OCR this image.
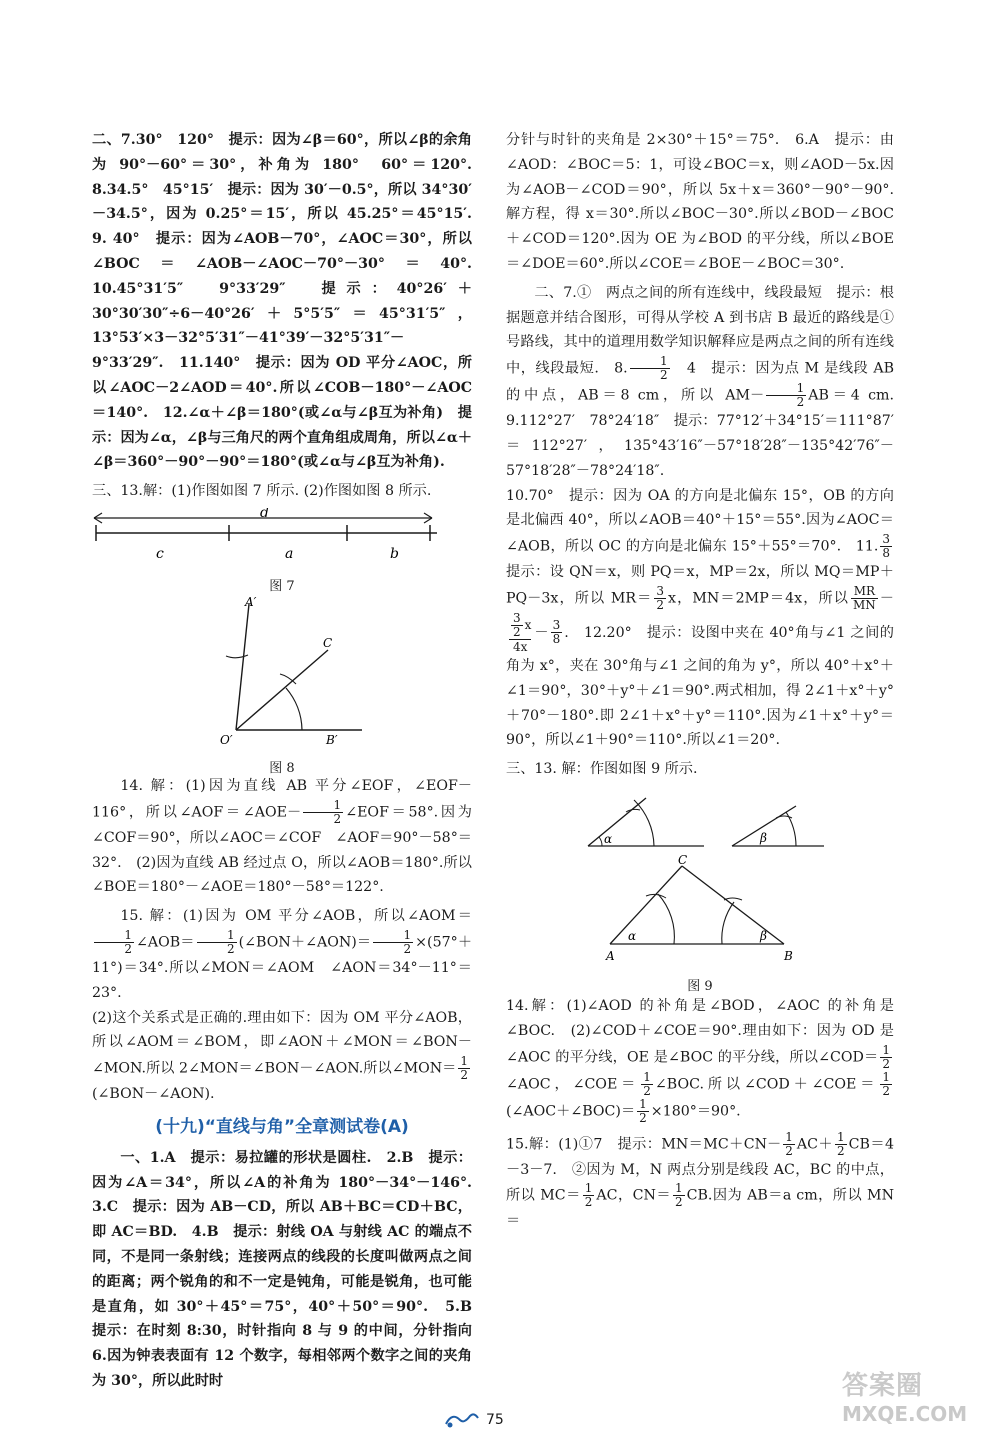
二、7.30°　120°　提示：因为∠β＝60°，所以∠β的余角为 90°－60°＝30°，补角为 180°　60°＝120°.　8.34.5°　45°15′　提示：因为 30′－0.5°，所以 34°30′－34.5°，因为 0.25°＝15′，所以 45.25°＝45°15′.　9. 40°　提示：因为∠AOB－70°，∠AOC＝30°，所以∠BOC＝∠AOB－∠AOC－70°－30°＝40°.　10.45°31′5″　9°33′29″　提示：40°26′＋30°30′30″÷6－40°26′＋5°5′5″＝45°31′5″，13°53′×3－32°5′31″－41°39′－32°5′31″－9°33′29″.　11.140°　提示：因为 OD 平分∠AOC，所以∠AOC－2∠AOD＝40°.所以∠COB－180°－∠AOC＝140°.　12.∠α＋∠β＝180°(或∠α与∠β互为补角)　提示：因为∠α，∠β与三角尺的两个直角组成周角，所以∠α＋∠β＝360°－90°－90°＝180°(或∠α与∠β互为补角).

三、13.解：(1)作图如图 7 所示. (2)作图如图 8 所示.

d
c	a	b
图 7
A′
C
O′	B′
图 8

14. 解：(1)因为直线 AB 平分∠EOF，∠EOF－116°，所以∠AOF＝∠AOE－ $\frac{1}{2}$ ∠EOF＝58°.因为∠COF＝90°，所以∠AOC＝∠COF　∠AOF＝90°－58°＝32°.　(2)因为直线 AB 经过点 O，所以∠AOB＝180°.所以∠BOE＝180°－∠AOE＝180°－58°＝122°.

15. 解：(1)因为 OM 平分∠AOB，所以∠AOM＝
$\frac{1}{2}$ ∠AOB＝ $\frac{1}{2}$ (∠BON＋∠AON)＝ $\frac{1}{2} \times(57^\circ+11^\circ)=34^\circ$.所以∠MON＝∠AOM　∠AON＝34°－11°＝23°.

(2)这个关系式是正确的.理由如下：因为 OM 平分∠AOB，所以∠AOM＝∠BOM，即∠AON＋∠MON＝∠BON－∠MON.所以 2∠MON＝∠BON－∠AON.所以∠MON＝ $\frac{1}{2}$
(∠BON－∠AON).

(十九)“直线与角”全章测试卷(A)

一、1.A　提示：易拉罐的形状是圆柱.　2.B　提示：因为∠A＝34°，所以∠A的补角为 180°－34°－146°.　3.C　提示：因为 AB－CD，所以 AB＋BC＝CD＋BC，即 AC＝BD.　4.B　提示：射线 OA 与射线 AC 的端点不同，不是同一条射线；连接两点的线段的长度叫做两点之间的距离；两个锐角的和不一定是钝角，可能是锐角，也可能是直角，如 30°＋45°＝75°，40°＋50°＝90°.　5.B　提示：在时刻 8:30，时针指向 8 与 9 的中间，分针指向 6.因为钟表表面有 12 个数字，每相邻两个数字之间的夹角为 30°，所以此时时

分针与时针的夹角是 2×30°＋15°＝75°.　6.A　提示：由∠AOD：∠BOC＝5：1，可设∠BOC＝x，则∠AOD－5x.因为∠AOB－∠COD＝90°，所以 5x＋x＝360°－90°－90°.解方程，得 x＝30°.所以∠BOC－30°.所以∠BOD－∠BOC＋∠COD＝120°.因为 OE 为∠BOD 的平分线，所以∠BOE＝∠DOE＝60°.所以∠COE＝∠BOE－∠BOC＝30°.

二、7.①　两点之间的所有连线中，线段最短　提示：根据题意并结合图形，可得从学校 A 到书店 B 最近的路线是①号路线，其中的道理用数学知识解释应是两点之间的所有连线中，线段最短.　8. $\frac{1}{2}$ 　4　提示：因为点 M 是线段 AB 的中点，AB＝8 cm，所以 $AM- \frac{1}{2} AB=4$ cm.　9.112°27′　78°24′18″　提示：77°12′＋34°15′＝111°87′＝112°27′，135°43′16″－57°18′28″－135°42′76″－57°18′28″－78°24′18″.

10.70°　提示：因为 OA 的方向是北偏东 15°，OB 的方向是北偏西 40°，所以∠AOB＝40°＋15°＝55°.因为∠AOC＝∠AOB，所以 OC 的方向是北偏东 15°＋55°＝70°.　11. $\frac{3}{8}$
提示：设 QN＝x，则 PQ＝x，MP＝2x，所以 MQ＝MP＋PQ－3x，所以 $MR= \frac{3}{2}$ x，MN＝2MP＝4x，所以 $\frac{MR}{MN}$ －
$\frac{\frac{3}{2} x}{4x} - \frac{3}{8}$ .　12.20°　提示：设图中夹在 40°角与∠1 之间的角为 x°，夹在 30°角与∠1 之间的角为 y°，所以 40°＋x°＋∠1＝90°，30°＋y°＋∠1＝90°.两式相加，得 2∠1＋x°＋y°＋70°－180°.即 2∠1＋x°＋y°＝110°.因为∠1＋x°＋y°＝90°，所以∠1＋90°＝110°.所以∠1＝20°.

三、13. 解：作图如图 9 所示.

α	β
C
A	B
α	β
图 9

14.解：(1)∠AOD 的补角是∠BOD，∠AOC 的补角是∠BOC.　(2)∠COD＋∠COE＝90°.理由如下：因为 OD 是∠AOC 的平分线，OE 是∠BOC 的平分线，所以∠COD＝ $\frac{1}{2}$
∠AOC，∠COE＝ $\frac{1}{2}$ ∠BOC.所以∠COD＋∠COE＝ $\frac{1}{2}$
(∠AOC＋∠BOC)＝ $\frac{1}{2} \times 180^\circ=90^\circ$.

15.解：(1)①7　提示：$MN=MC+CN- \frac{1}{2} AC+ \frac{1}{2} CB=4-3-7$.　②因为 M，N 两点分别是线段 AC，BC 的中点，所以 $MC= \frac{1}{2}$ AC，$CN= \frac{1}{2}$ CB.因为 AB＝a cm，所以 MN＝

75
答案圈
MXQE.COM
